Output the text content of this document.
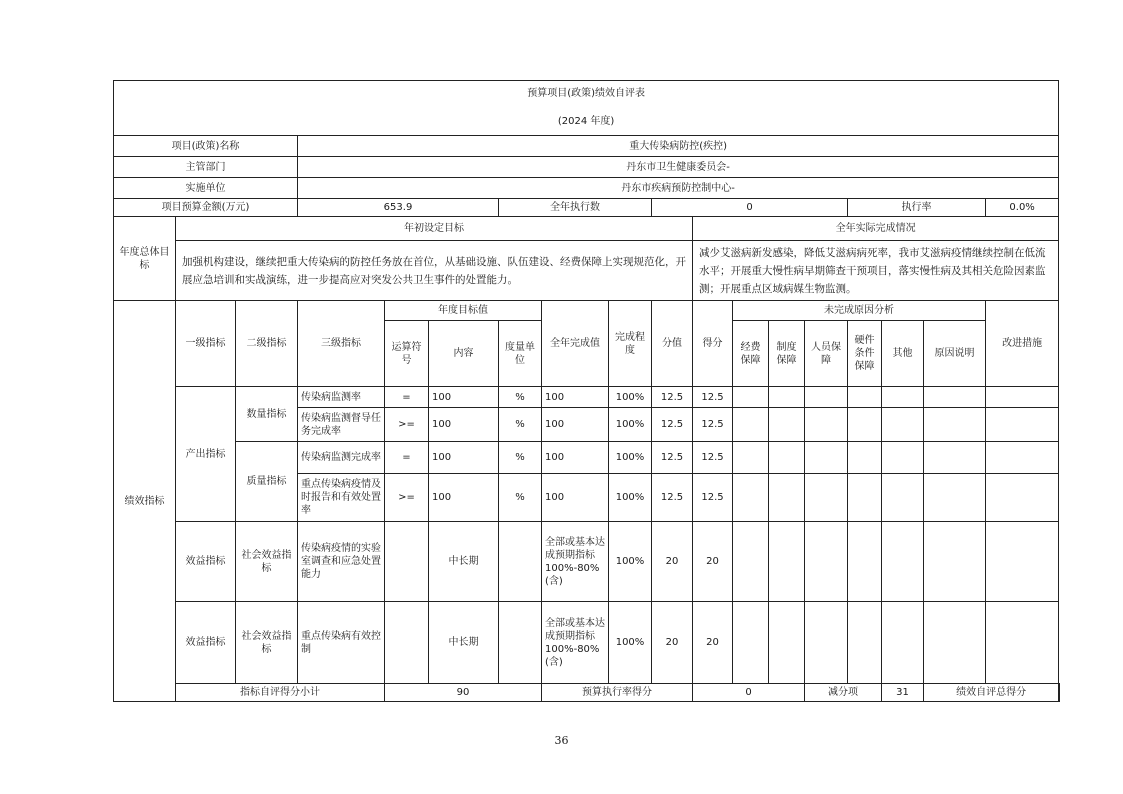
预算项目(政策)绩效自评表
(2024 年度)																		

项目(政策)名称			重大传染病防控(疾控)															
主管部门			丹东市卫生健康委员会-															
实施单位			丹东市疾病预防控制中心-															
项目预算金额(万元)			653.9			全年执行数			0					执行率			0.0%	
年度总体目标	年初设定目标									全年实际完成情况								
	加强机构建设，继续把重大传染病的防控任务放在首位，从基础设施、队伍建设、经费保障上实现规范化，开展应急培训和实战演练，进一步提高应对突发公共卫生事件的处置能力。									减少艾滋病新发感染，降低艾滋病病死率，我市艾滋病疫情继续控制在低流水平；开展重大慢性病早期筛查干预项目，落实慢性病及其相关危险因素监测；开展重点区域病媒生物监测。								
绩效指标	一级指标	二级指标	三级指标	年度目标值			全年完成值	完成程度	分值	得分	未完成原因分析						改进措施	
				运算符号	内容	度量单位					经费保障	制度保障	人员保障	硬件条件保障	其他	原因说明		
	产出指标	数量指标	传染病监测率	=	100	%	100	100%	12.5	12.5								
			传染病监测督导任务完成率	>=	100	%	100	100%	12.5	12.5								
		质量指标	传染病监测完成率	=	100	%	100	100%	12.5	12.5								
			重点传染病疫情及时报告和有效处置率	>=	100	%	100	100%	12.5	12.5								
	效益指标	社会效益指标	传染病疫情的实验室调查和应急处置能力		中长期		全部或基本达成预期指标100%-80%(含)	100%	20	20								
	效益指标	社会效益指标	重点传染病有效控制		中长期		全部或基本达成预期指标100%-80%(含)	100%	20	20								
	指标自评得分小计			90			预算执行率得分			0			减分项		31	绩效自评总得分	
36
